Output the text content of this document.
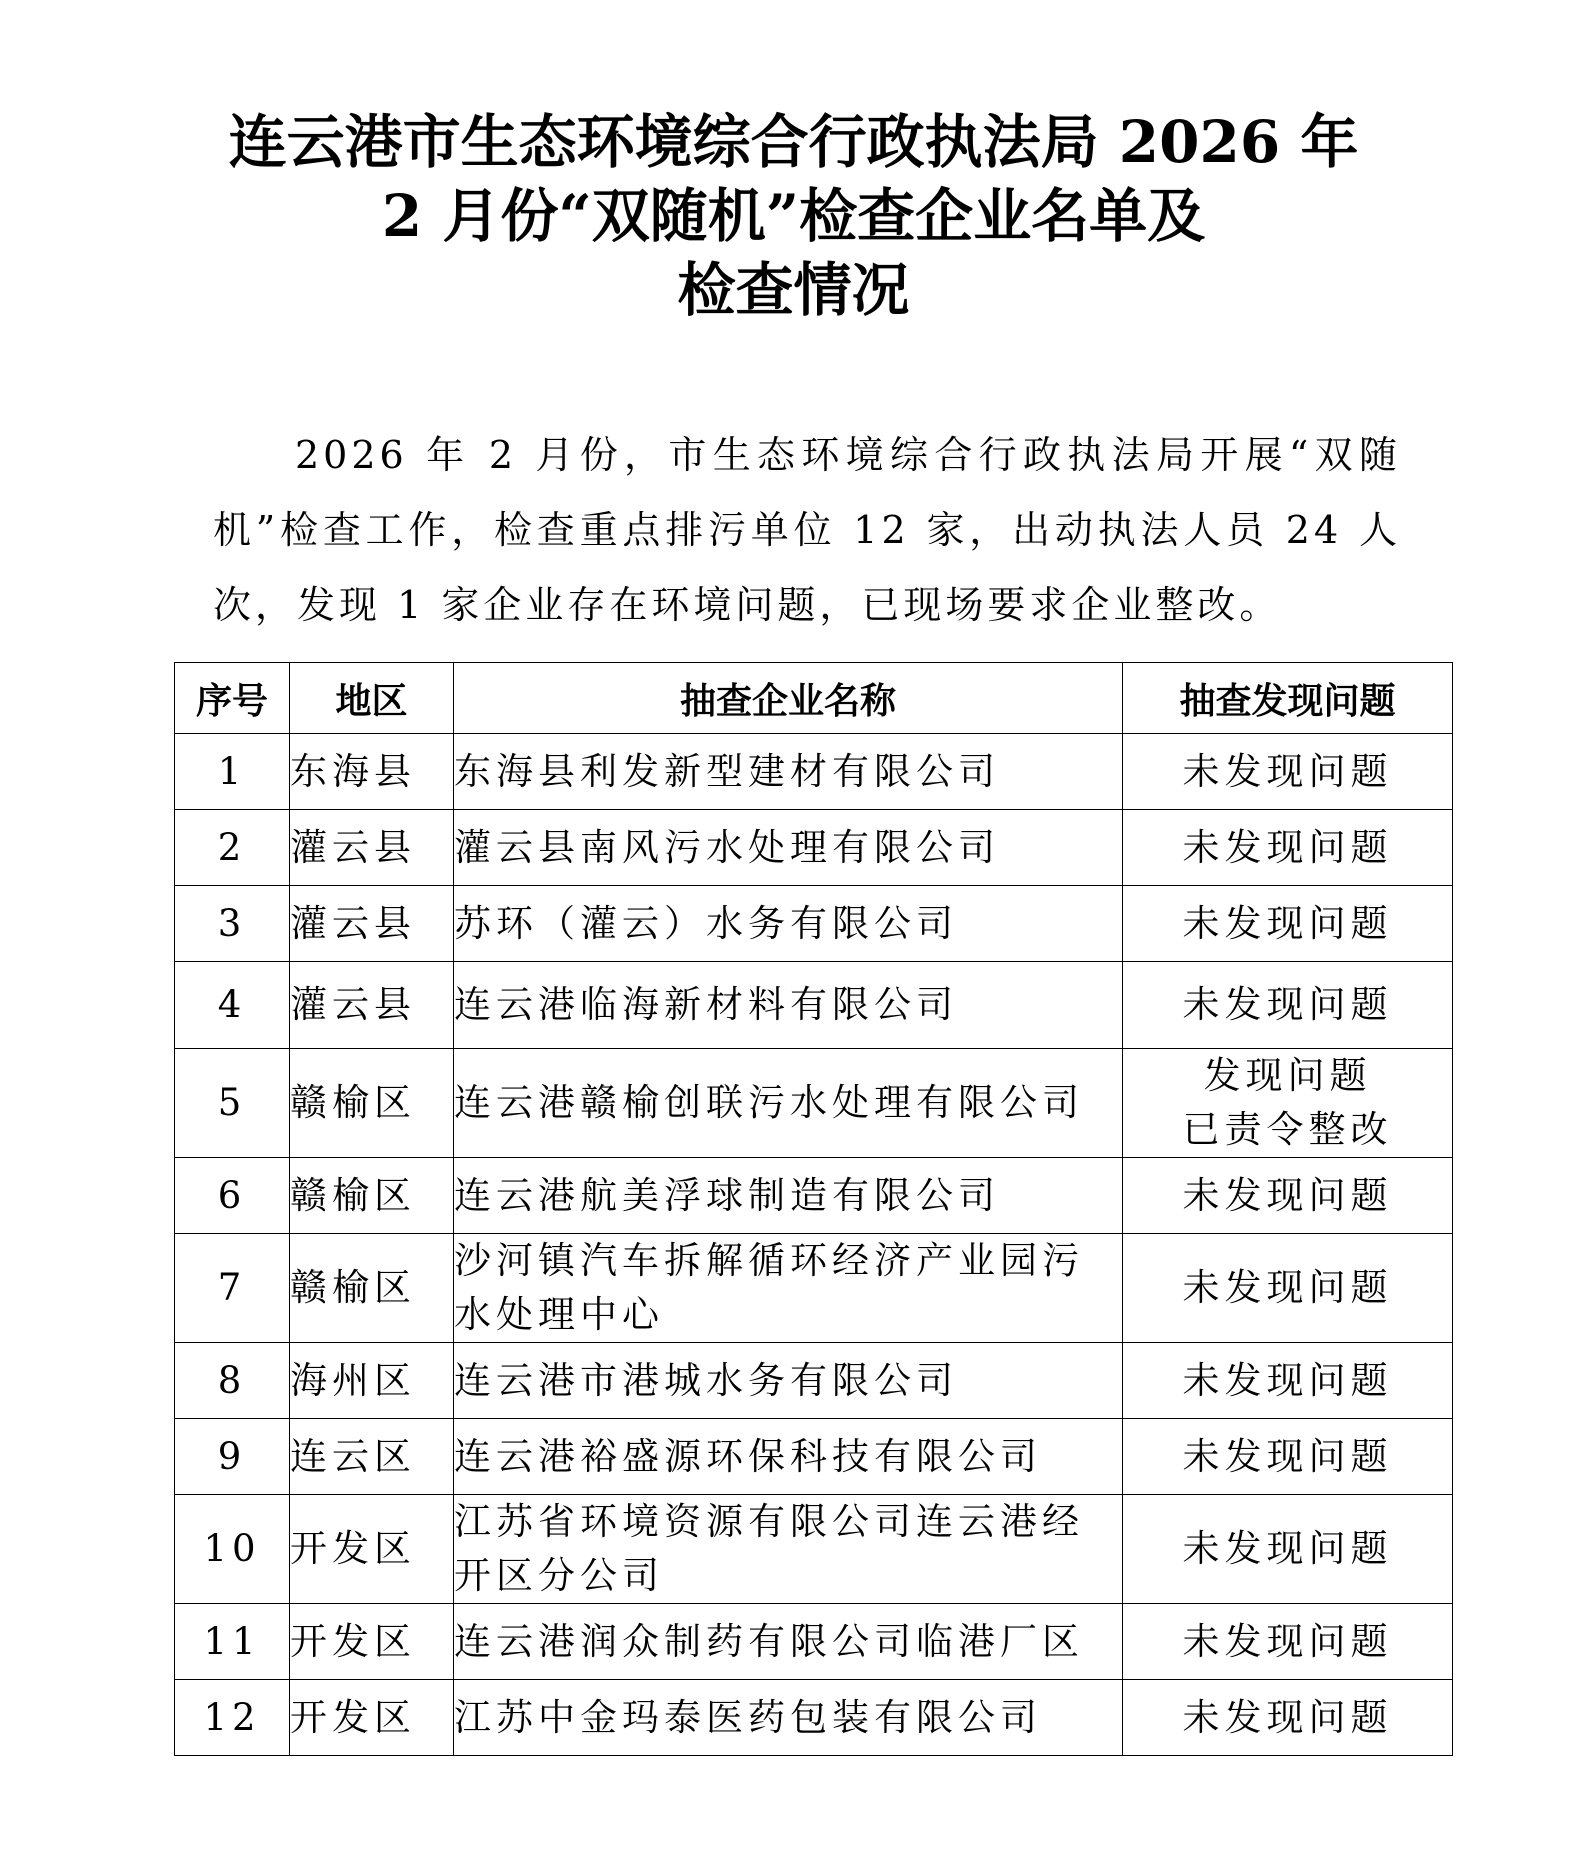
连云港市生态环境综合行政执法局 2026 年
2 月份“双随机”检查企业名单及
检查情况
2026 年 2 月份，市生态环境综合行政执法局开展“双随机”检查工作，检查重点排污单位 12 家，出动执法人员 24 人次，发现 1 家企业存在环境问题，已现场要求企业整改。
序号	地区	抽查企业名称	抽查发现问题
1	东海县	东海县利发新型建材有限公司	未发现问题
2	灌云县	灌云县南风污水处理有限公司	未发现问题
3	灌云县	苏环（灌云）水务有限公司	未发现问题
4	灌云县	连云港临海新材料有限公司	未发现问题
5	赣榆区	连云港赣榆创联污水处理有限公司	发现问题
已责令整改

6	赣榆区	连云港航美浮球制造有限公司	未发现问题
7	赣榆区	沙河镇汽车拆解循环经济产业园污水处理中心	未发现问题
8	海州区	连云港市港城水务有限公司	未发现问题
9	连云区	连云港裕盛源环保科技有限公司	未发现问题
10	开发区	江苏省环境资源有限公司连云港经开区分公司	未发现问题
11	开发区	连云港润众制药有限公司临港厂区	未发现问题
12	开发区	江苏中金玛泰医药包装有限公司	未发现问题
